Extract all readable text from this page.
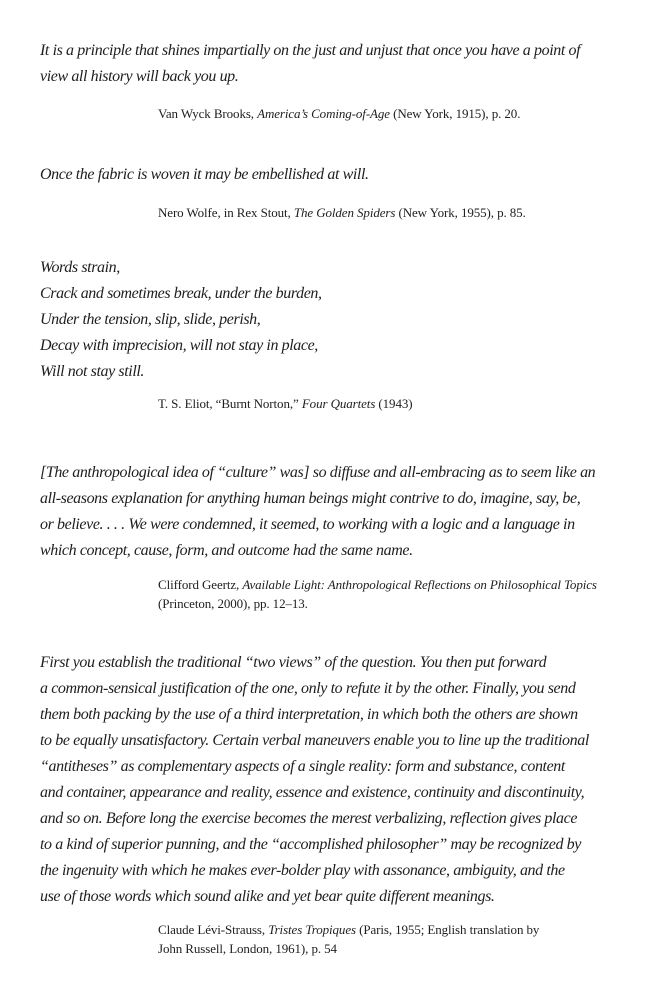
It is a principle that shines impartially on the just and unjust that once you have a point of
view all history will back you up.
Van Wyck Brooks, America’s Coming-of-Age (New York, 1915), p. 20.
Once the fabric is woven it may be embellished at will.
Nero Wolfe, in Rex Stout, The Golden Spiders (New York, 1955), p. 85.
Words strain,
Crack and sometimes break, under the burden,
Under the tension, slip, slide, perish,
Decay with imprecision, will not stay in place,
Will not stay still.
T. S. Eliot, “Burnt Norton,” Four Quartets (1943)
[The anthropological idea of “culture” was] so diffuse and all-embracing as to seem like an
all-seasons explanation for anything human beings might contrive to do, imagine, say, be,
or believe. . . . We were condemned, it seemed, to working with a logic and a language in
which concept, cause, form, and outcome had the same name.
Clifford Geertz, Available Light: Anthropological Reflections on Philosophical Topics
(Princeton, 2000), pp. 12–13.
First you establish the traditional “two views” of the question. You then put forward
a common-sensical justification of the one, only to refute it by the other. Finally, you send
them both packing by the use of a third interpretation, in which both the others are shown
to be equally unsatisfactory. Certain verbal maneuvers enable you to line up the traditional
“antitheses” as complementary aspects of a single reality: form and substance, content
and container, appearance and reality, essence and existence, continuity and discontinuity,
and so on. Before long the exercise becomes the merest verbalizing, reflection gives place
to a kind of superior punning, and the “accomplished philosopher” may be recognized by
the ingenuity with which he makes ever-bolder play with assonance, ambiguity, and the
use of those words which sound alike and yet bear quite different meanings.
Claude Lévi-Strauss, Tristes Tropiques (Paris, 1955; English translation by
John Russell, London, 1961), p. 54
